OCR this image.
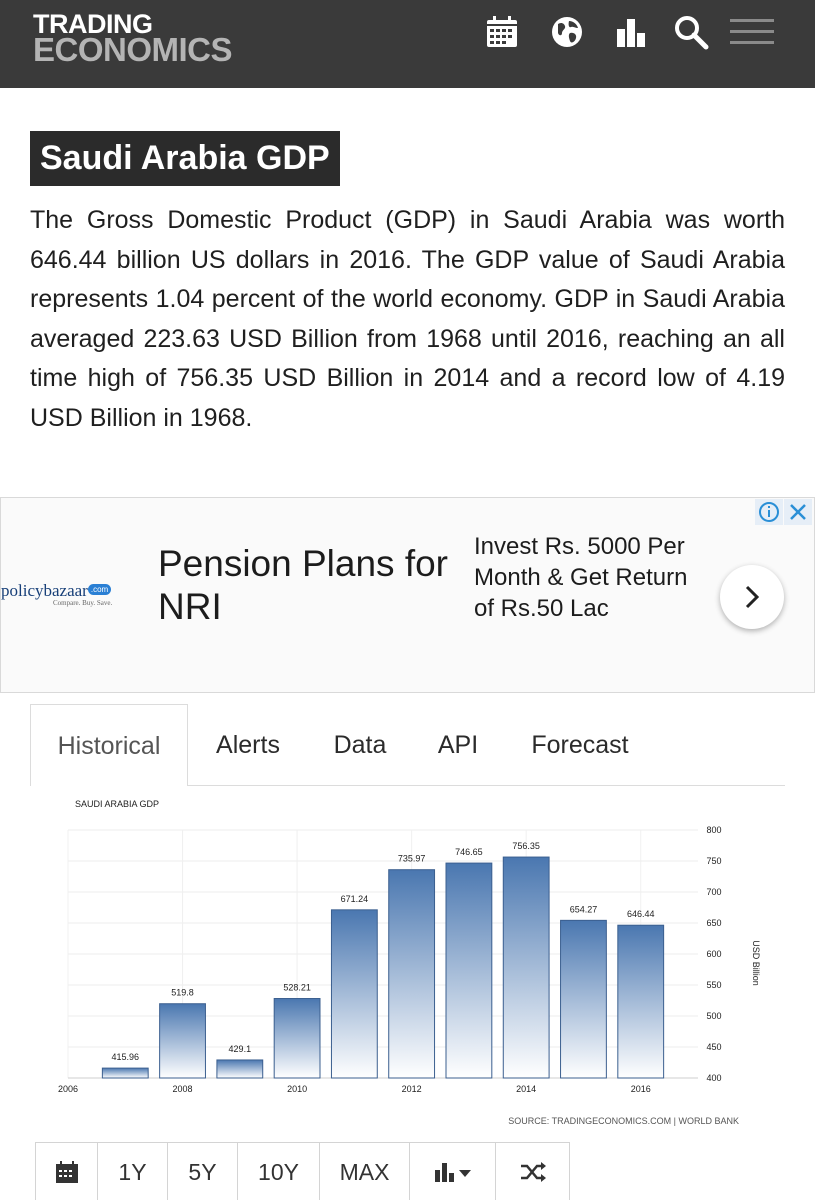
TRADING
ECONOMICS
Saudi Arabia GDP

The Gross Domestic Product (GDP) in Saudi Arabia was worth 646.44 billion US dollars in 2016. The GDP value of Saudi Arabia represents 1.04 percent of the world economy. GDP in Saudi Arabia averaged 223.63 USD Billion from 1968 until 2016, reaching an all time high of 756.35 USD Billion in 2014 and a record low of 4.19 USD Billion in 1968.

policybazaar .com
Compare. Buy. Save.
Pension Plans for NRI
Invest Rs. 5000 Per Month & Get Return of Rs.50 Lac
Historical	Alerts Data API Forecast
SAUDI ARABIA GDP
415.96
519.8
429.1
528.21
671.24
735.97
746.65
756.35
654.27	646.44
2006	2008	2010	2012	2014	2016
400
450
500
550
600
650
700
750
800
USD Billion
SOURCE: TRADINGECONOMICS.COM | WORLD BANK
1Y	5Y	10Y	MAX
